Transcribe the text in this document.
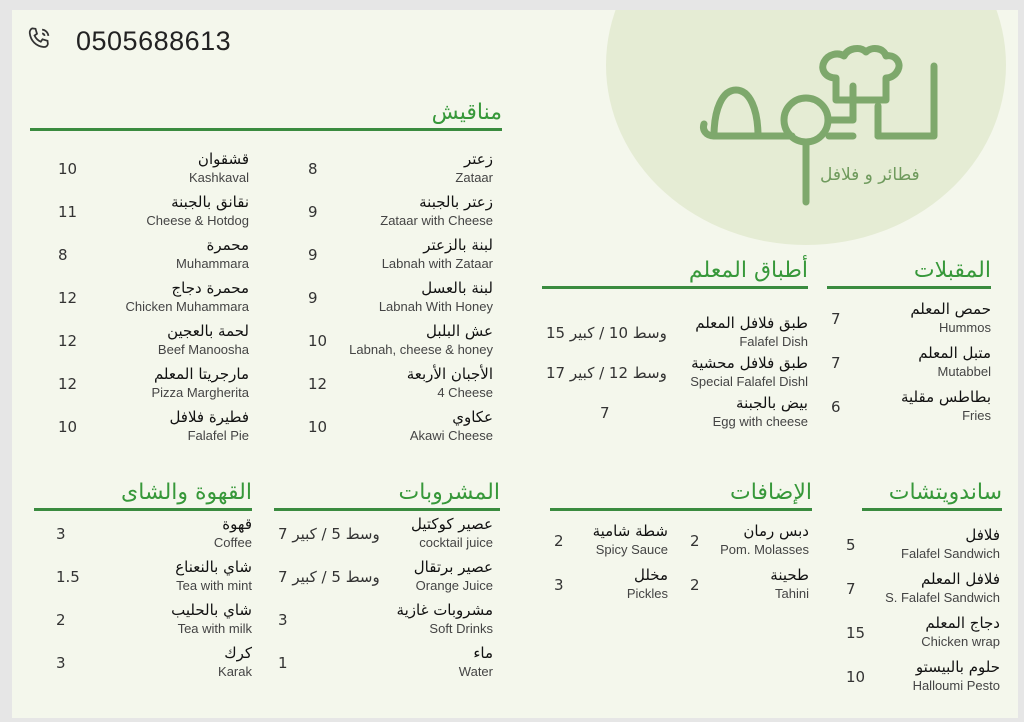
0505688613
فطائر و فلافل
مناقيش
زعتر
Zataar
8
زعتر بالجبنة
Zataar with Cheese
9
لبنة بالزعتر
Labnah with Zataar
9
لبنة بالعسل
Labnah With Honey
9
عش البلبل
Labnah, cheese & honey
10
الأجبان الأربعة
4 Cheese
12
عكاوي
Akawi Cheese
10
قشقوان
Kashkaval
10
نقانق بالجبنة
Cheese & Hotdog
11
محمرة
Muhammara
8
محمرة دجاج
Chicken Muhammara
12
لحمة بالعجين
Beef Manoosha
12
مارجريتا المعلم
Pizza Margherita
12
فطيرة فلافل
Falafel Pie
10
أطباق المعلم
طبق فلافل المعلم
Falafel Dish
وسط 10 / كبير 15
طبق فلافل محشية
Special Falafel Dishl
وسط 12 / كبير 17
بيض بالجبنة
Egg with cheese
7
المقبلات
حمص المعلم
Hummos
7
متبل المعلم
Mutabbel
7
بطاطس مقلية
Fries
6
القهوة والشاى
قهوة
Coffee
3
شاي بالنعناع
Tea with mint
1.5
شاي بالحليب
Tea with milk
2
كرك
Karak
3
المشروبات
عصير كوكتيل
cocktail juice
وسط 5 / كبير 7
عصير برتقال
Orange Juice
وسط 5 / كبير 7
مشروبات غازية
Soft Drinks
3
ماء
Water
1
الإضافات
دبس رمان
Pom. Molasses
2
طحينة
Tahini
2
شطة شامية
Spicy Sauce
2
مخلل
Pickles
3
ساندويتشات
فلافل
Falafel Sandwich
5
فلافل المعلم
S. Falafel Sandwich
7
دجاج المعلم
Chicken wrap
15
حلوم بالبيستو
Halloumi Pesto
10
